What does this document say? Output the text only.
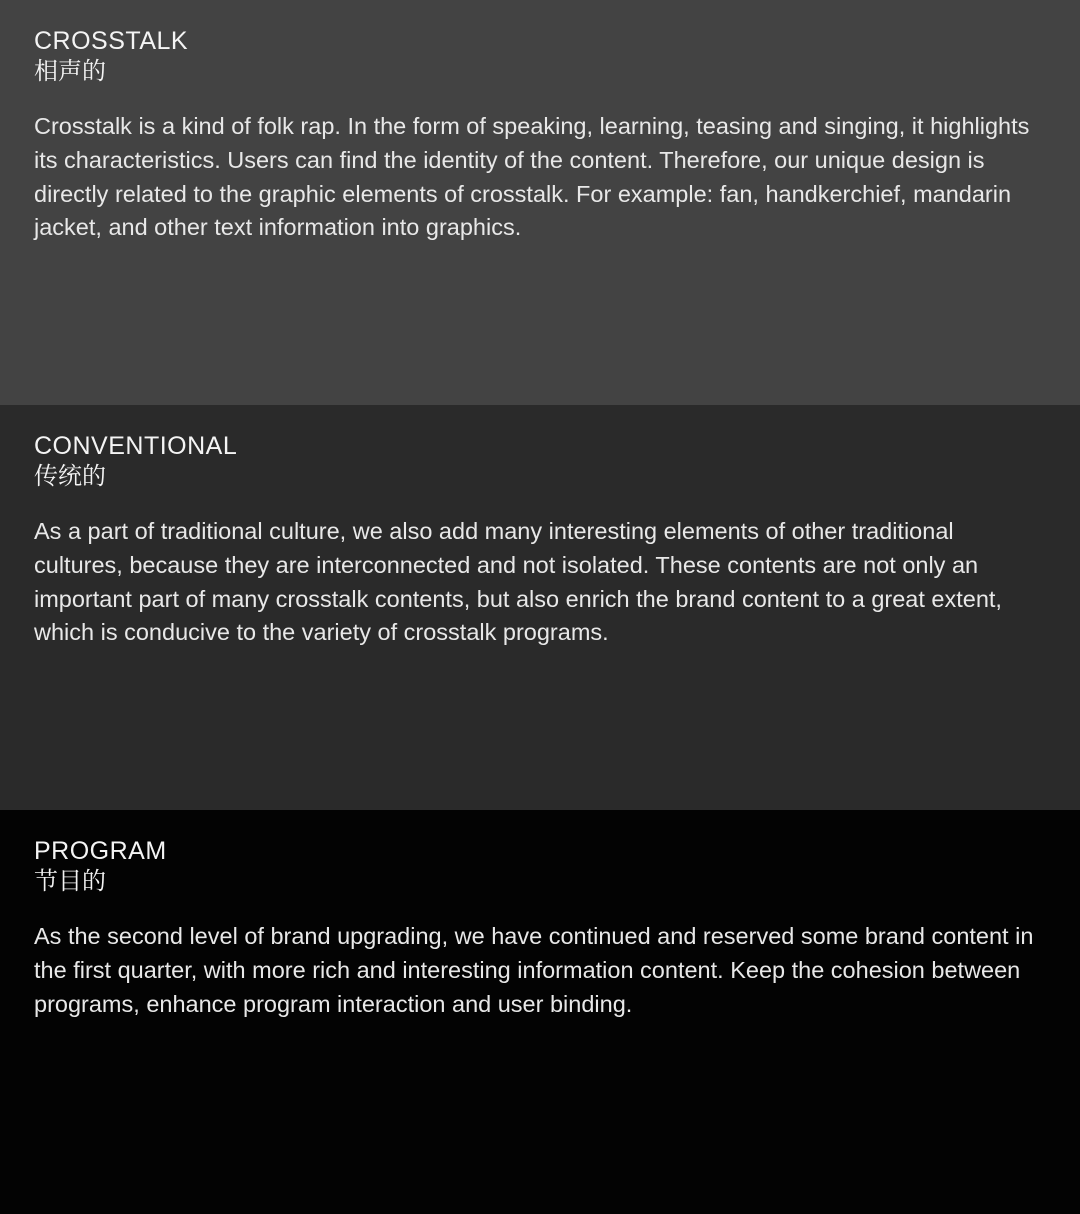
CROSSTALK
相声的

Crosstalk is a kind of folk rap. In the form of speaking, learning, teasing and singing, it highlights its characteristics. Users can find the identity of the content. Therefore, our unique design is directly related to the graphic elements of crosstalk. For example: fan, handkerchief, mandarin jacket, and other text information into graphics.

CONVENTIONAL
传统的

As a part of traditional culture, we also add many interesting elements of other traditional cultures, because they are interconnected and not isolated. These contents are not only an important part of many crosstalk contents, but also enrich the brand content to a great extent, which is conducive to the variety of crosstalk programs.

PROGRAM
节目的

As the second level of brand upgrading, we have continued and reserved some brand content in the first quarter, with more rich and interesting information content. Keep the cohesion between programs, enhance program interaction and user binding.
